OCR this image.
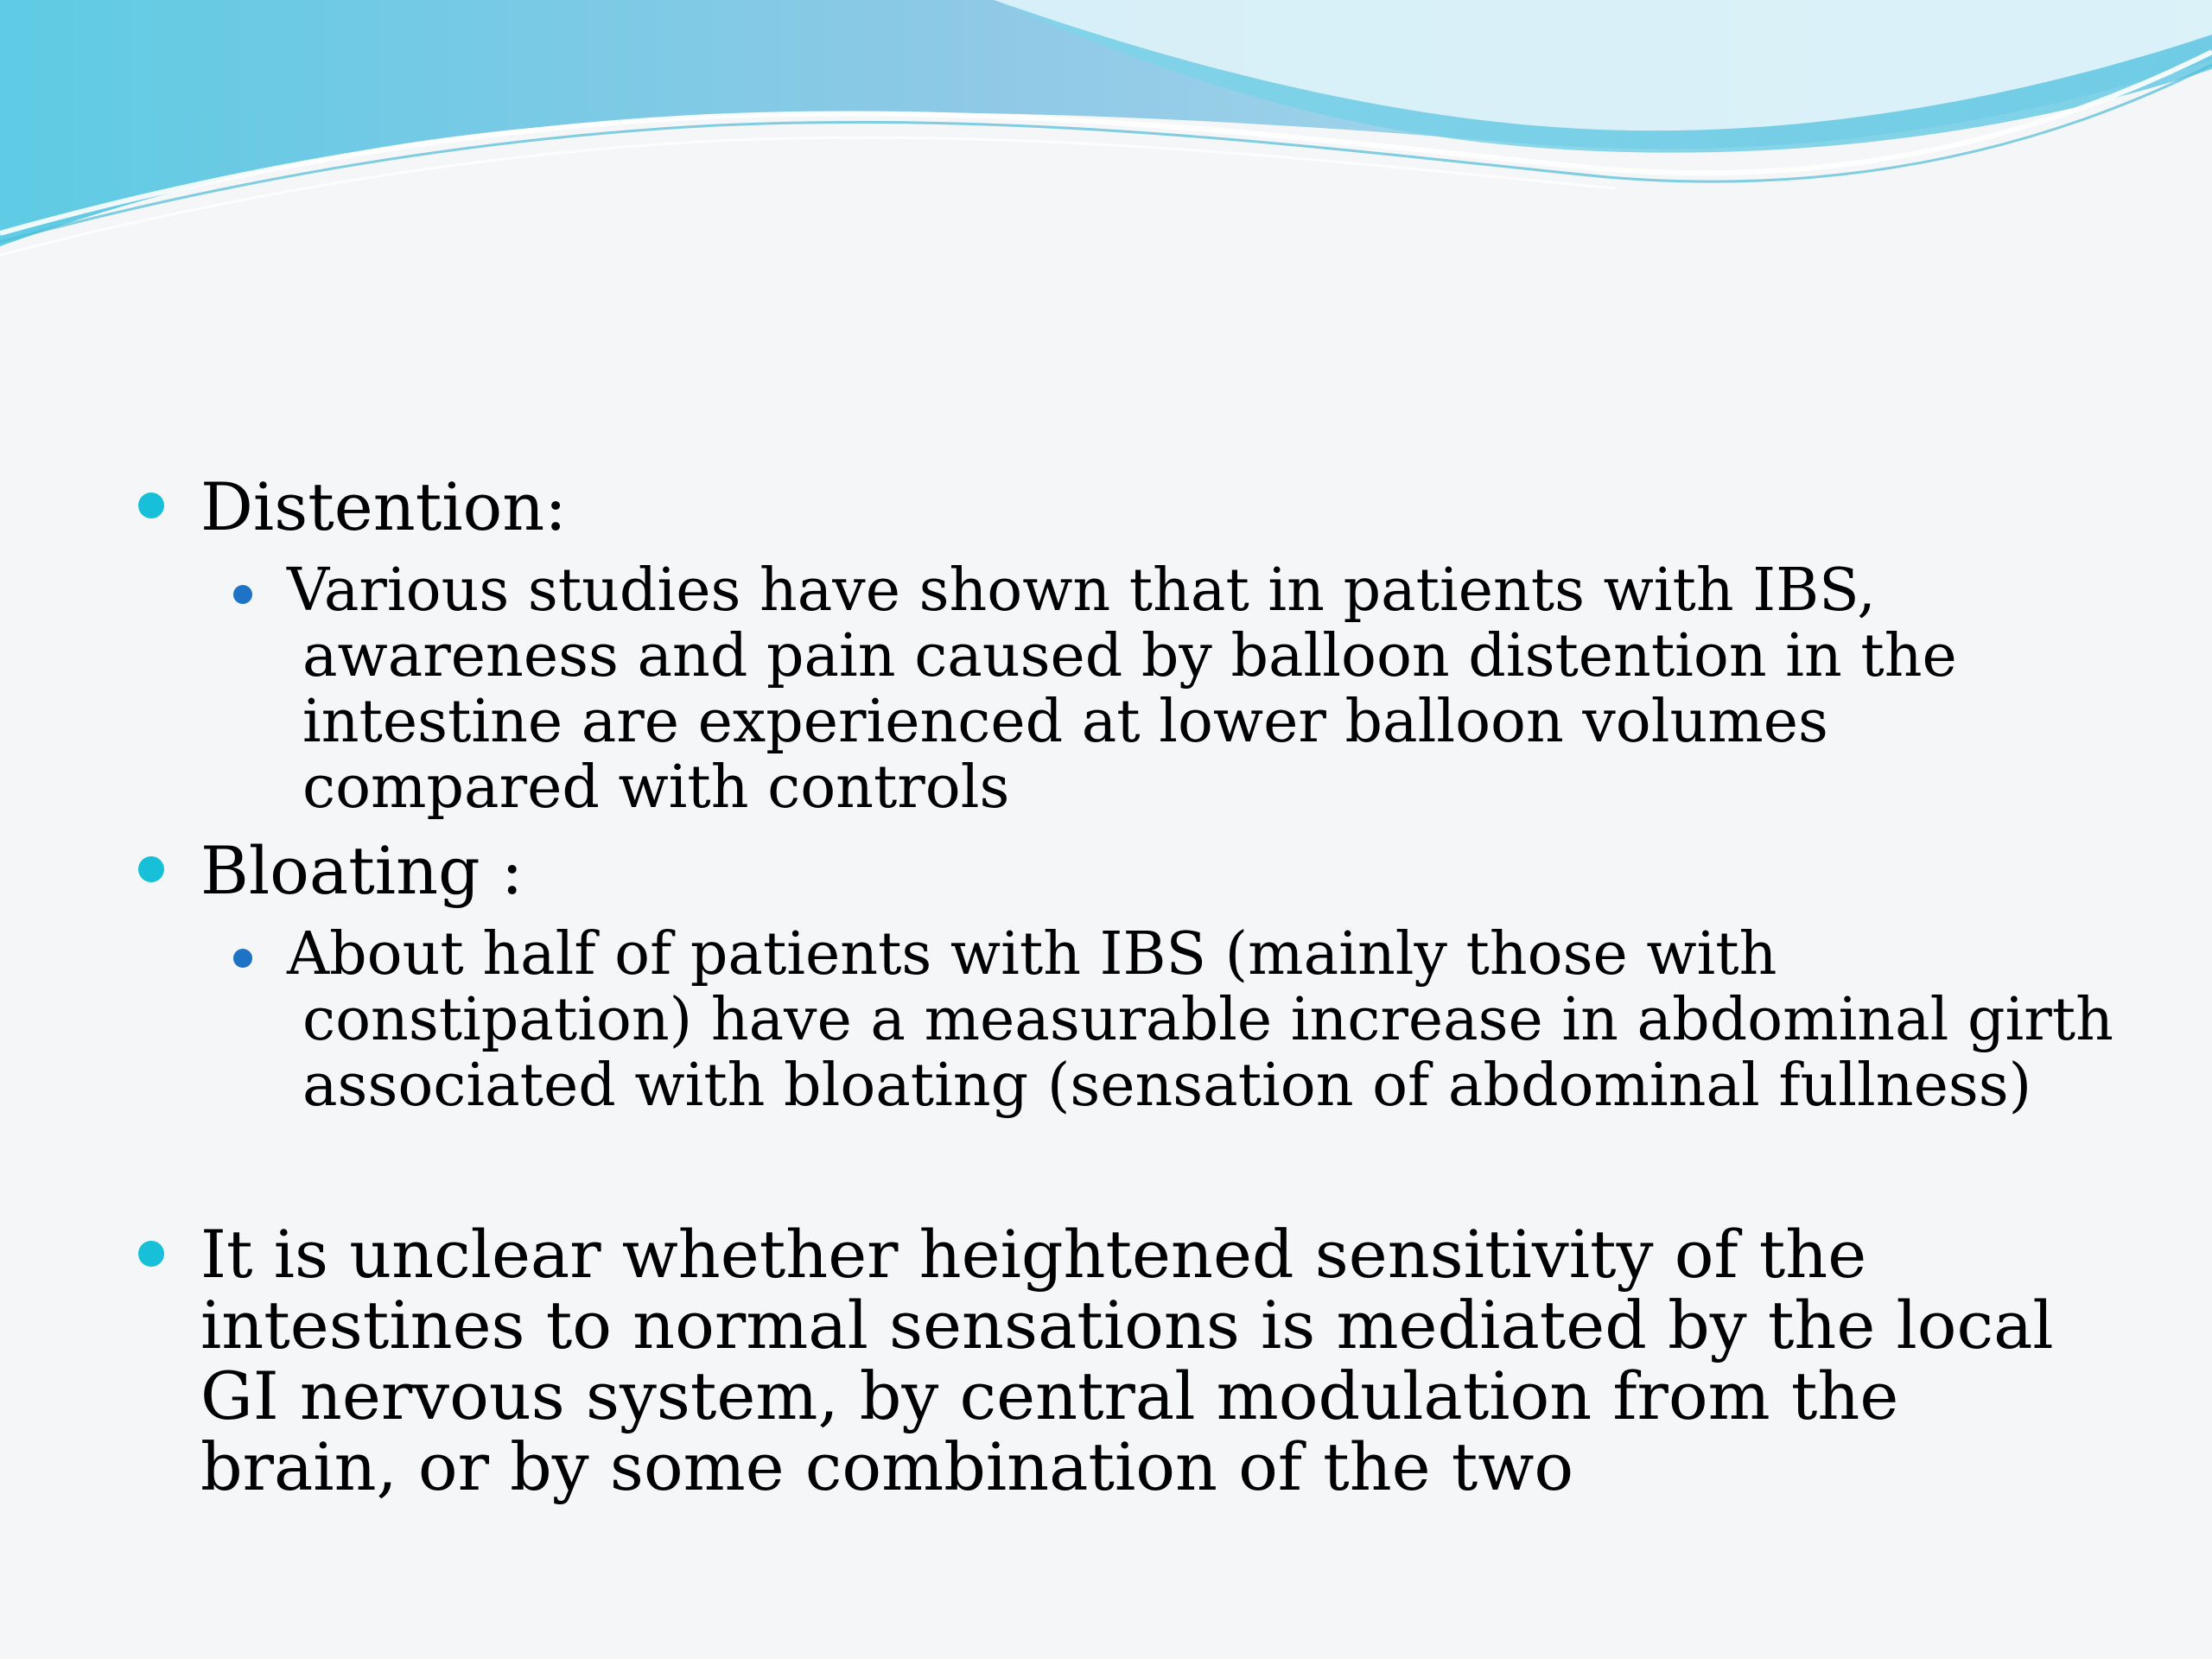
Distention:
Various studies have shown that in patients with IBS, awareness and pain caused by balloon distention in the intestine are experienced at lower balloon volumes compared with controls
Bloating :
About half of patients with IBS (mainly those with constipation) have a measurable increase in abdominal girth associated with bloating (sensation of abdominal fullness)
It is unclear whether heightened sensitivity of the intestines to normal sensations is mediated by the local GI nervous system, by central modulation from the brain, or by some combination of the two
